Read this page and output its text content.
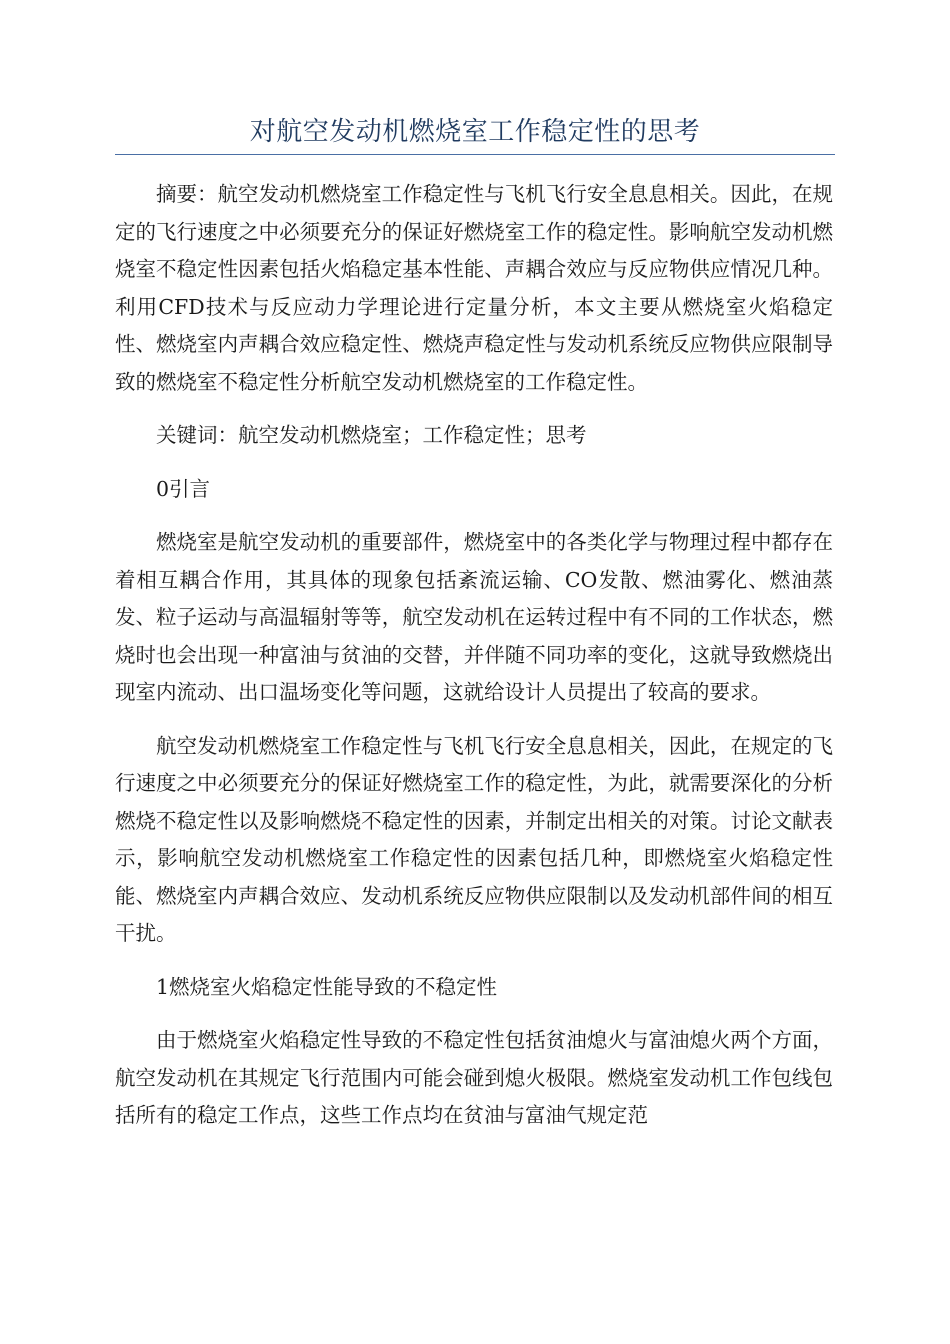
对航空发动机燃烧室工作稳定性的思考

摘要：航空发动机燃烧室工作稳定性与飞机飞行安全息息相关。因此，在规定的飞行速度之中必须要充分的保证好燃烧室工作的稳定性。影响航空发动机燃烧室不稳定性因素包括火焰稳定基本性能、声耦合效应与反应物供应情况几种。利用CFD技术与反应动力学理论进行定量分析，本文主要从燃烧室火焰稳定性、燃烧室内声耦合效应稳定性、燃烧声稳定性与发动机系统反应物供应限制导致的燃烧室不稳定性分析航空发动机燃烧室的工作稳定性。

关键词：航空发动机燃烧室；工作稳定性；思考

0引言

燃烧室是航空发动机的重要部件，燃烧室中的各类化学与物理过程中都存在着相互耦合作用，其具体的现象包括紊流运输、CO发散、燃油雾化、燃油蒸发、粒子运动与高温辐射等等，航空发动机在运转过程中有不同的工作状态，燃烧时也会出现一种富油与贫油的交替，并伴随不同功率的变化，这就导致燃烧出现室内流动、出口温场变化等问题，这就给设计人员提出了较高的要求。

航空发动机燃烧室工作稳定性与飞机飞行安全息息相关，因此，在规定的飞行速度之中必须要充分的保证好燃烧室工作的稳定性，为此，就需要深化的分析燃烧不稳定性以及影响燃烧不稳定性的因素，并制定出相关的对策。讨论文献表示，影响航空发动机燃烧室工作稳定性的因素包括几种，即燃烧室火焰稳定性能、燃烧室内声耦合效应、发动机系统反应物供应限制以及发动机部件间的相互干扰。

1燃烧室火焰稳定性能导致的不稳定性

由于燃烧室火焰稳定性导致的不稳定性包括贫油熄火与富油熄火两个方面，航空发动机在其规定飞行范围内可能会碰到熄火极限。燃烧室发动机工作包线包括所有的稳定工作点，这些工作点均在贫油与富油气规定范
